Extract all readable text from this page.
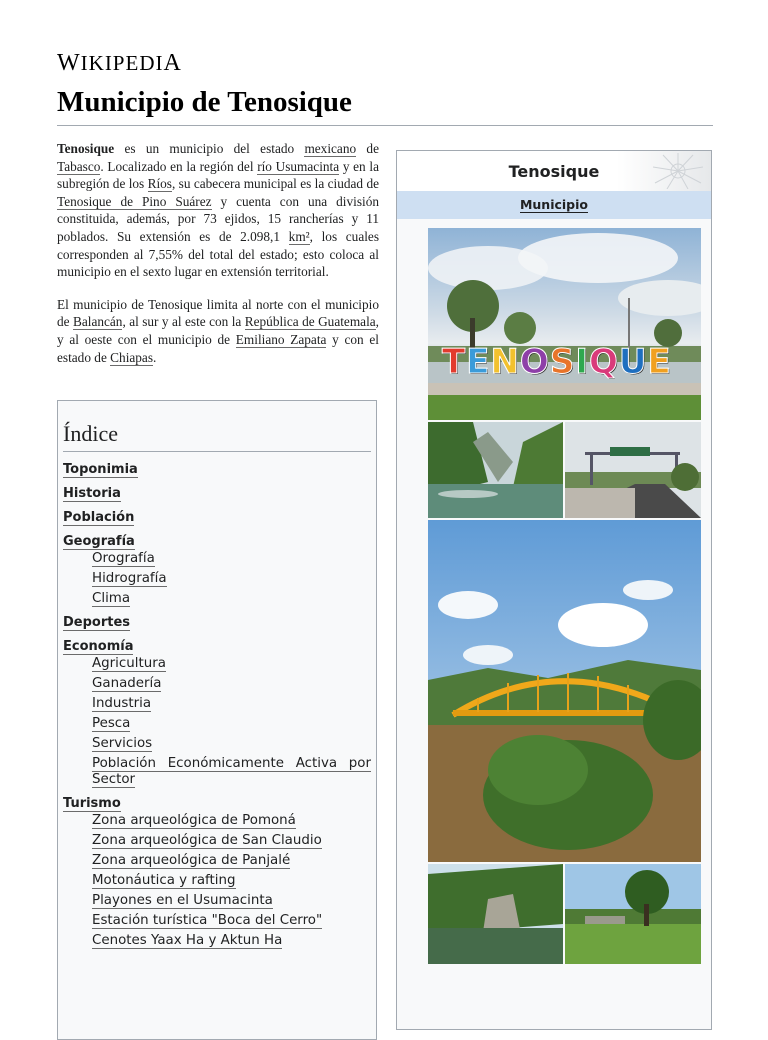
WIKIPEDIA
Municipio de Tenosique

Tenosique es un municipio del estado mexicano de Tabasco. Localizado en la región del río Usumacinta y en la subregión de los Ríos, su cabecera municipal es la ciudad de Tenosique de Pino Suárez y cuenta con una división constituida, además, por 73 ejidos, 15 rancherías y 11 poblados. Su extensión es de 2.098,1 km², los cuales corresponden al 7,55% del total del estado; esto coloca al municipio en el sexto lugar en extensión territorial.

El municipio de Tenosique limita al norte con el municipio de Balancán, al sur y al este con la República de Guatemala, y al oeste con el municipio de Emiliano Zapata y con el estado de Chiapas.

Índice
Toponimia
Historia
Población
Geografía
Orografía
Hidrografía
Clima
Deportes
Economía
Agricultura
Ganadería
Industria
Pesca
Servicios
Población Económicamente Activa por Sector
Turismo
Zona arqueológica de Pomoná
Zona arqueológica de San Claudio
Zona arqueológica de Panjalé
Motonáutica y rafting
Playones en el Usumacinta
Estación turística "Boca del Cerro"
Cenotes Yaax Ha y Aktun Ha
Tenosique
Municipio
T E N O S I Q U E
